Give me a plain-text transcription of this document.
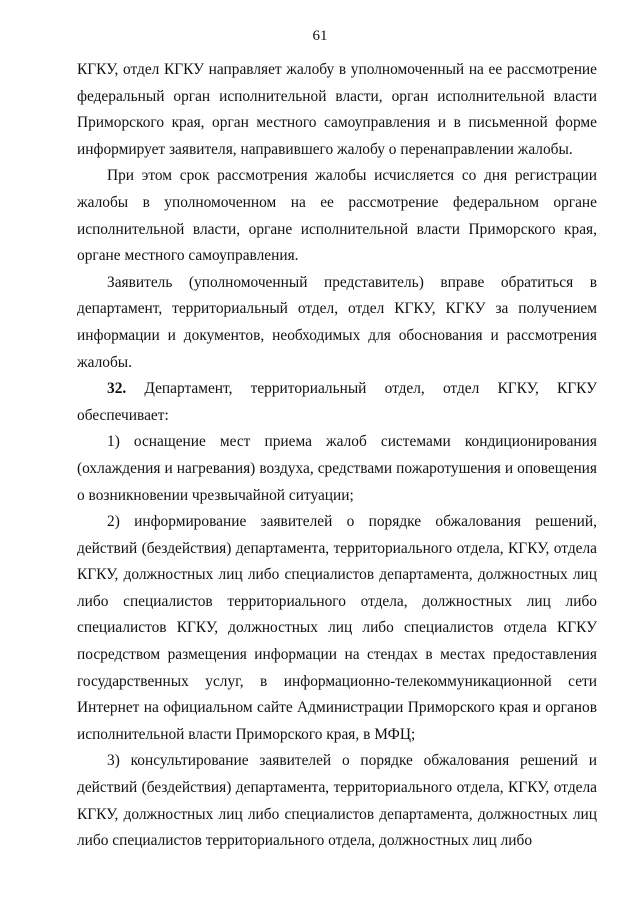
61

КГКУ, отдел КГКУ направляет жалобу в уполномоченный на ее рассмотрение федеральный орган исполнительной власти, орган исполнительной власти Приморского края, орган местного самоуправления и в письменной форме информирует заявителя, направившего жалобу о перенаправлении жалобы.

При этом срок рассмотрения жалобы исчисляется со дня регистрации жалобы в уполномоченном на ее рассмотрение федеральном органе исполнительной власти, органе исполнительной власти Приморского края, органе местного самоуправления.

Заявитель (уполномоченный представитель) вправе обратиться в департамент, территориальный отдел, отдел КГКУ, КГКУ за получением информации и документов, необходимых для обоснования и рассмотрения жалобы.

32. Департамент, территориальный отдел, отдел КГКУ, КГКУ обеспечивает:

1) оснащение мест приема жалоб системами кондиционирования (охлаждения и нагревания) воздуха, средствами пожаротушения и оповещения о возникновении чрезвычайной ситуации;

2) информирование заявителей о порядке обжалования решений, действий (бездействия) департамента, территориального отдела, КГКУ, отдела КГКУ, должностных лиц либо специалистов департамента, должностных лиц либо специалистов территориального отдела, должностных лиц либо специалистов КГКУ, должностных лиц либо специалистов отдела КГКУ посредством размещения информации на стендах в местах предоставления государственных услуг, в информационно-телекоммуникационной сети Интернет на официальном сайте Администрации Приморского края и органов исполнительной власти Приморского края, в МФЦ;

3) консультирование заявителей о порядке обжалования решений и действий (бездействия) департамента, территориального отдела, КГКУ, отдела КГКУ, должностных лиц либо специалистов департамента, должностных лиц либо специалистов территориального отдела, должностных лиц либо
